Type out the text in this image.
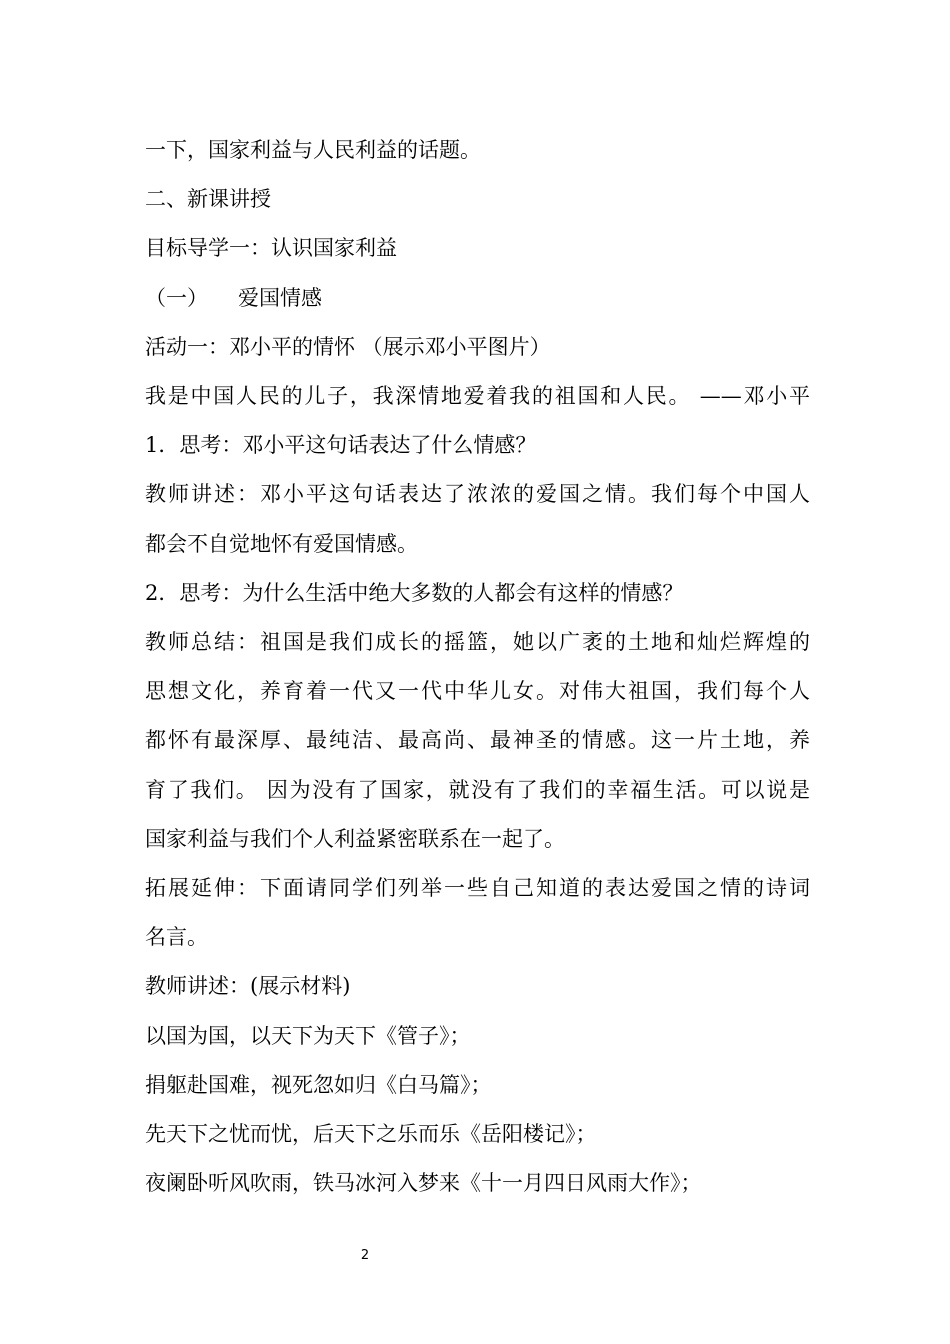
一下，国家利益与人民利益的话题。
二、新课讲授
目标导学一：认识国家利益
（一） 爱国情感
活动一：邓小平的情怀 （展示邓小平图片）
我是中国人民的儿子，我深情地爱着我的祖国和人民。 ——邓小平
1．思考：邓小平这句话表达了什么情感？
教师讲述：邓小平这句话表达了浓浓的爱国之情。我们每个中国人
都会不自觉地怀有爱国情感。
2．思考：为什么生活中绝大多数的人都会有这样的情感？
教师总结：祖国是我们成长的摇篮，她以广袤的土地和灿烂辉煌的
思想文化，养育着一代又一代中华儿女。对伟大祖国，我们每个人
都怀有最深厚、最纯洁、最高尚、最神圣的情感。这一片土地，养
育了我们。 因为没有了国家，就没有了我们的幸福生活。可以说是
国家利益与我们个人利益紧密联系在一起了。
拓展延伸：下面请同学们列举一些自己知道的表达爱国之情的诗词
名言。
教师讲述：(展示材料)
以国为国，以天下为天下《管子》；
捐躯赴国难，视死忽如归《白马篇》；
先天下之忧而忧，后天下之乐而乐《岳阳楼记》；
夜阑卧听风吹雨，铁马冰河入梦来《十一月四日风雨大作》；
2
